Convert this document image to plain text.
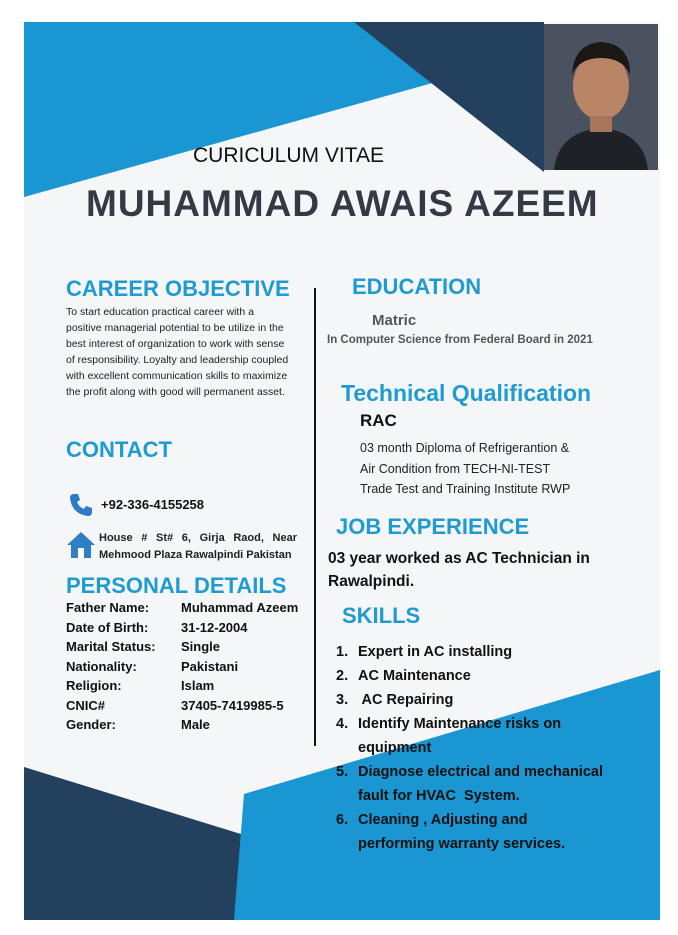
CURICULUM VITAE
MUHAMMAD AWAIS AZEEM
CAREER OBJECTIVE
To start education practical career with a
positive managerial potential to be utilize in the
best interest of organization to work with sense
of responsibility. Loyalty and leadership coupled
with excellent communication skills to maximize
the profit along with good will permanent asset.
CONTACT
+92-336-4155258
House # St# 6, Girja Raod, Near
Mehmood Plaza Rawalpindi Pakistan
PERSONAL DETAILS
Father Name:	Muhammad Azeem
Date of Birth:	31-12-2004
Marital Status:	Single
Nationality:	Pakistani
Religion:	Islam
CNIC#	37405-7419985-5
Gender:	Male
EDUCATION
Matric
In Computer Science from Federal Board in 2021
Technical Qualification
RAC
03 month Diploma of Refrigerantion &
Air Condition from TECH-NI-TEST
Trade Test and Training Institute RWP
JOB EXPERIENCE
03 year worked as AC Technician in
Rawalpindi.
SKILLS
1. Expert in AC installing
2. AC Maintenance
3. AC Repairing
4. Identify Maintenance risks on
equipment
5. Diagnose electrical and mechanical
fault for HVAC  System.
6. Cleaning , Adjusting and
performing warranty services.
